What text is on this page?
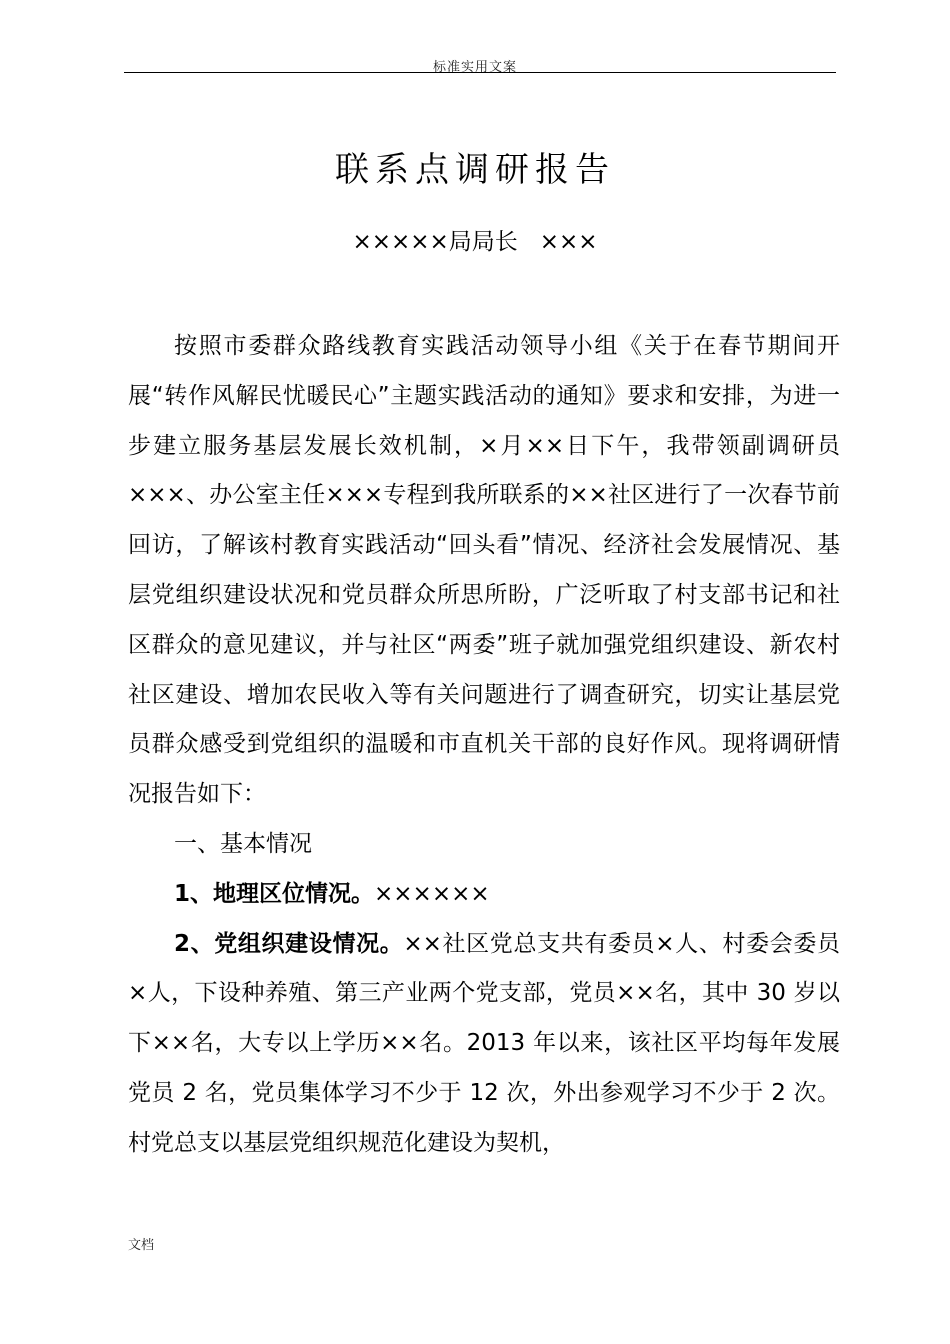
标准实用文案
联系点调研报告
×××××局局长   ×××

按照市委群众路线教育实践活动领导小组《关于在春节期间开展“转作风解民忧暖民心”主题实践活动的通知》要求和安排，为进一步建立服务基层发展长效机制，×月××日下午，我带领副调研员×××、办公室主任×××专程到我所联系的××社区进行了一次春节前回访，了解该村教育实践活动“回头看”情况、经济社会发展情况、基层党组织建设状况和党员群众所思所盼，广泛听取了村支部书记和社区群众的意见建议，并与社区“两委”班子就加强党组织建设、新农村社区建设、增加农民收入等有关问题进行了调查研究，切实让基层党员群众感受到党组织的温暖和市直机关干部的良好作风。现将调研情况报告如下：

一、基本情况

1、地理区位情况。××××××

2、党组织建设情况。××社区党总支共有委员×人、村委会委员×人，下设种养殖、第三产业两个党支部，党员××名，其中 30 岁以下××名，大专以上学历××名。2013 年以来，该社区平均每年发展党员 2 名，党员集体学习不少于 12 次，外出参观学习不少于 2 次。村党总支以基层党组织规范化建设为契机，

文档
